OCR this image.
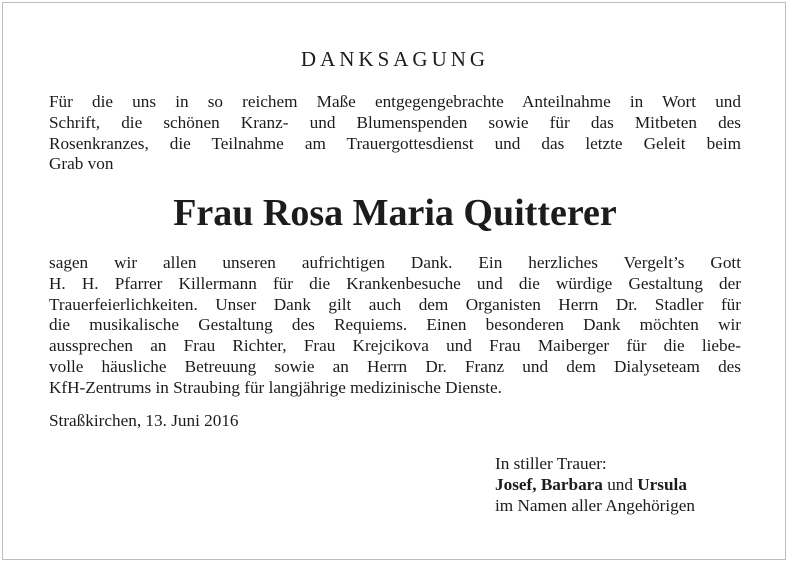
DANKSAGUNG

Für die uns in so reichem Maße entgegengebrachte Anteilnahme in Wort und
Schrift, die schönen Kranz- und Blumenspenden sowie für das Mitbeten des
Rosenkranzes, die Teilnahme am Trauergottesdienst und das letzte Geleit beim
Grab von

Frau Rosa Maria Quitterer

sagen wir allen unseren aufrichtigen Dank. Ein herzliches Vergelt’s Gott
H. H. Pfarrer Killermann für die Krankenbesuche und die würdige Gestaltung der
Trauerfeierlichkeiten. Unser Dank gilt auch dem Organisten Herrn Dr. Stadler für
die musikalische Gestaltung des Requiems. Einen besonderen Dank möchten wir
aussprechen an Frau Richter, Frau Krejcikova und Frau Maiberger für die liebe-
volle häusliche Betreuung sowie an Herrn Dr. Franz und dem Dialyseteam des
KfH-Zentrums in Straubing für langjährige medizinische Dienste.

Straßkirchen, 13. Juni 2016
In stiller Trauer:
Josef, Barbara und Ursula
im Namen aller Angehörigen
